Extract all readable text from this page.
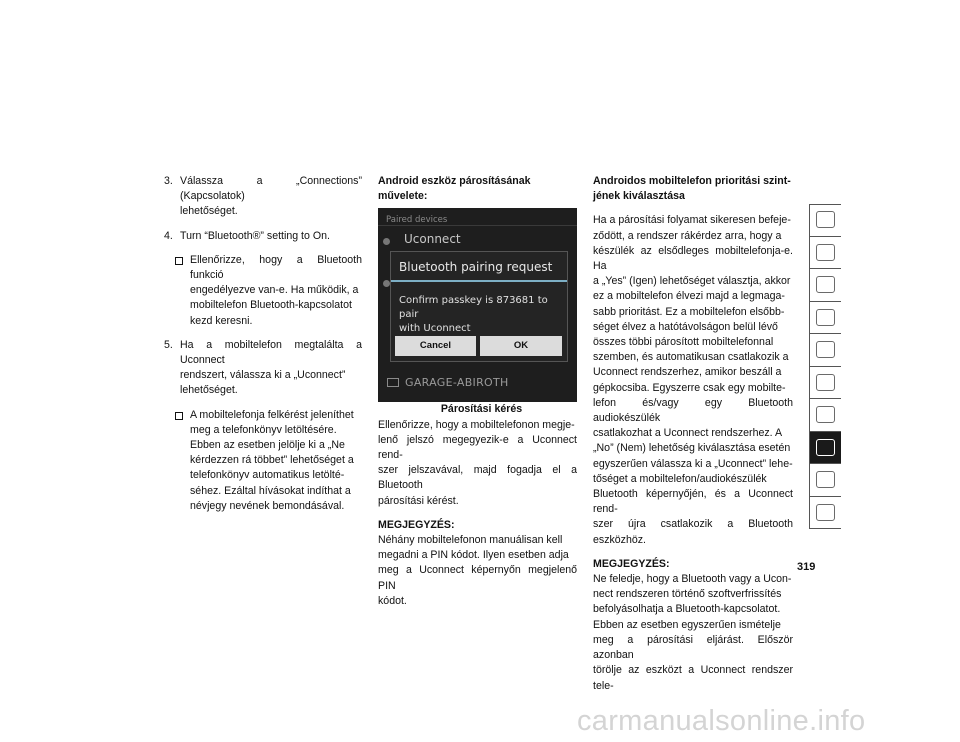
3. Válassza a „Connections” (Kapcsolatok)

lehetőséget.

4. Turn “Bluetooth®” setting to On.

Ellenőrizze, hogy a Bluetooth funkció

engedélyezve van-e. Ha működik, a

mobiltelefon Bluetooth-kapcsolatot

kezd keresni.

5. Ha a mobiltelefon megtalálta a Uconnect

rendszert, válassza ki a „Uconnect”

lehetőséget.

A mobiltelefonja felkérést jeleníthet

meg a telefonkönyv letöltésére.

Ebben az esetben jelölje ki a „Ne

kérdezzen rá többet” lehetőséget a

telefonkönyv automatikus letölté-

séhez. Ezáltal hívásokat indíthat a

névjegy nevének bemondásával.

Android eszköz párosításának művelete:

Paired devices
Uconnect
GARAGE-ABIROTH
Bluetooth pairing request
Confirm passkey is 873681 to pair
with Uconnect
Cancel	OK

Párosítási kérés

Ellenőrizze, hogy a mobiltelefonon megje-

lenő jelszó megegyezik-e a Uconnect rend-

szer jelszavával, majd fogadja el a Bluetooth

párosítási kérést.

MEGJEGYZÉS:

Néhány mobiltelefonon manuálisan kell

megadni a PIN kódot. Ilyen esetben adja

meg a Uconnect képernyőn megjelenő PIN

kódot.

Androidos mobiltelefon prioritási szint-

jének kiválasztása

Ha a párosítási folyamat sikeresen befeje-

ződött, a rendszer rákérdez arra, hogy a

készülék az elsődleges mobiltelefonja-e. Ha

a „Yes” (Igen) lehetőséget választja, akkor

ez a mobiltelefon élvezi majd a legmaga-

sabb prioritást. Ez a mobiltelefon elsőbb-

séget élvez a hatótávolságon belül lévő

összes többi párosított mobiltelefonnal

szemben, és automatikusan csatlakozik a

Uconnect rendszerhez, amikor beszáll a

gépkocsiba. Egyszerre csak egy mobilte-

lefon és/vagy egy Bluetooth audiokészülék

csatlakozhat a Uconnect rendszerhez. A

„No” (Nem) lehetőség kiválasztása esetén

egyszerűen válassza ki a „Uconnect” lehe-

tőséget a mobiltelefon/audiokészülék

Bluetooth képernyőjén, és a Uconnect rend-

szer újra csatlakozik a Bluetooth eszközhöz.

MEGJEGYZÉS:

Ne feledje, hogy a Bluetooth vagy a Ucon-

nect rendszeren történő szoftverfrissítés

befolyásolhatja a Bluetooth-kapcsolatot.

Ebben az esetben egyszerűen ismételje

meg a párosítási eljárást. Először azonban

törölje az eszközt a Uconnect rendszer tele-

319
carmanualsonline.info
